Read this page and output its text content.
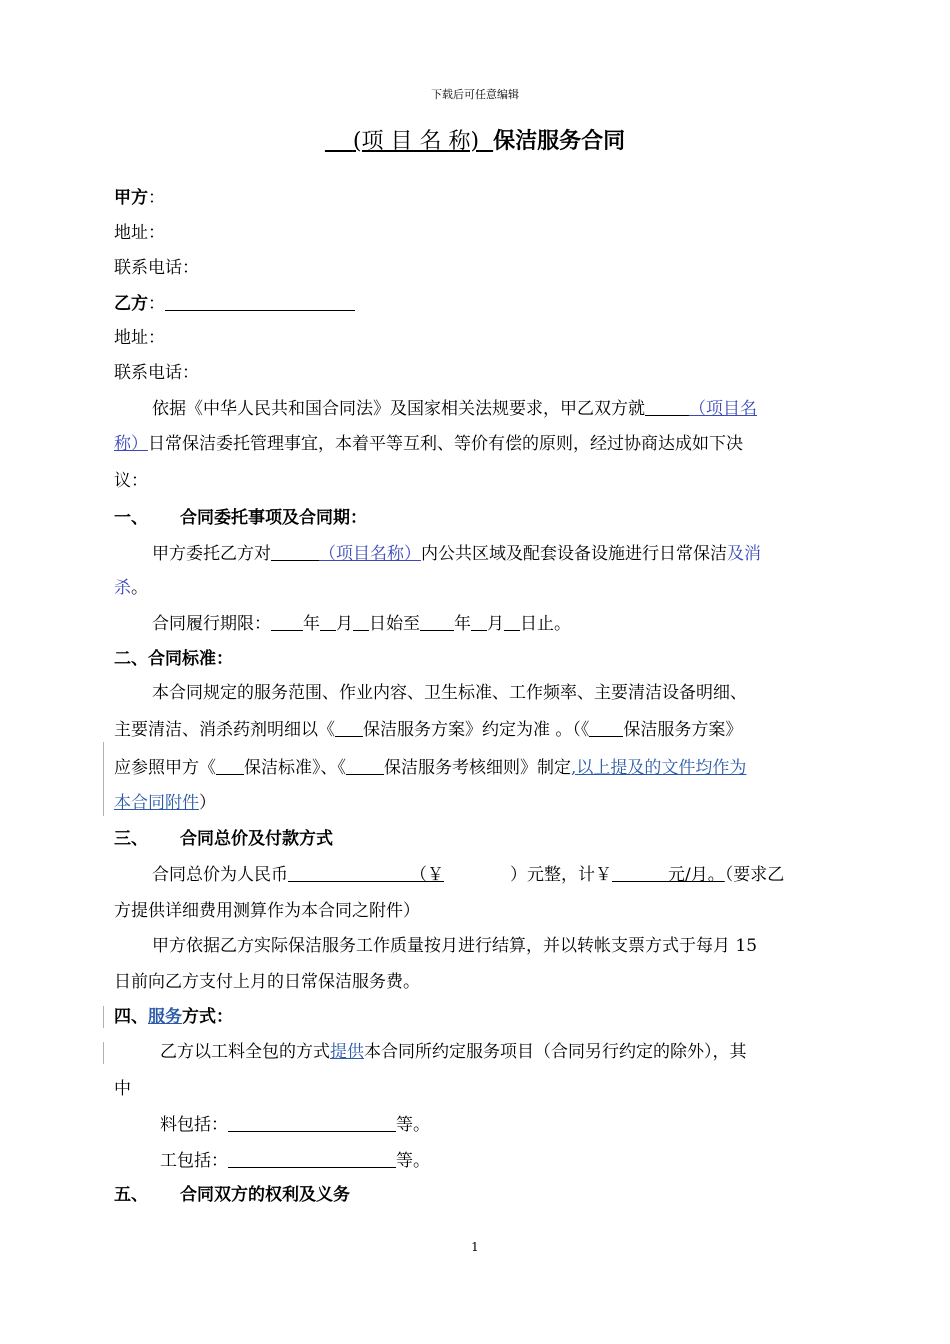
下载后可任意编辑
(项 目 名 称) 保洁服务合同
甲方：
地址：
联系电话：
乙方：
地址：
联系电话：
依据《中华人民共和国合同法》及国家相关法规要求，甲乙双方就	（项目名
称）日常保洁委托管理事宜，本着平等互利、等价有偿的原则，经过协商达成如下决
议：
一、 合同委托事项及合同期：
甲方委托乙方对	（项目名称）内公共区域及配套设备设施进行日常保洁及消
杀。
合同履行期限： 年 月 日始至 年 月 日止。
二、合同标准：
本合同规定的服务范围、作业内容、卫生标准、工作频率、主要清洁设备明细、
主要清洁、消杀药剂明细以《 保洁服务方案》约定为准 。（《 保洁服务方案》
应参照甲方《 保洁标准》、《 保洁服务考核细则》制定,以上提及的文件均作为
本合同附件）
三、 合同总价及付款方式
合同总价为人民币	（￥	）元整，计￥	元/月。（要求乙
方提供详细费用测算作为本合同之附件）
甲方依据乙方实际保洁服务工作质量按月进行结算，并以转帐支票方式于每月 15
日前向乙方支付上月的日常保洁服务费。
四、服务方式：
乙方以工料全包的方式提供本合同所约定服务项目（合同另行约定的除外），其
中
料包括：	等。
工包括：	等。
五、 合同双方的权利及义务
1
